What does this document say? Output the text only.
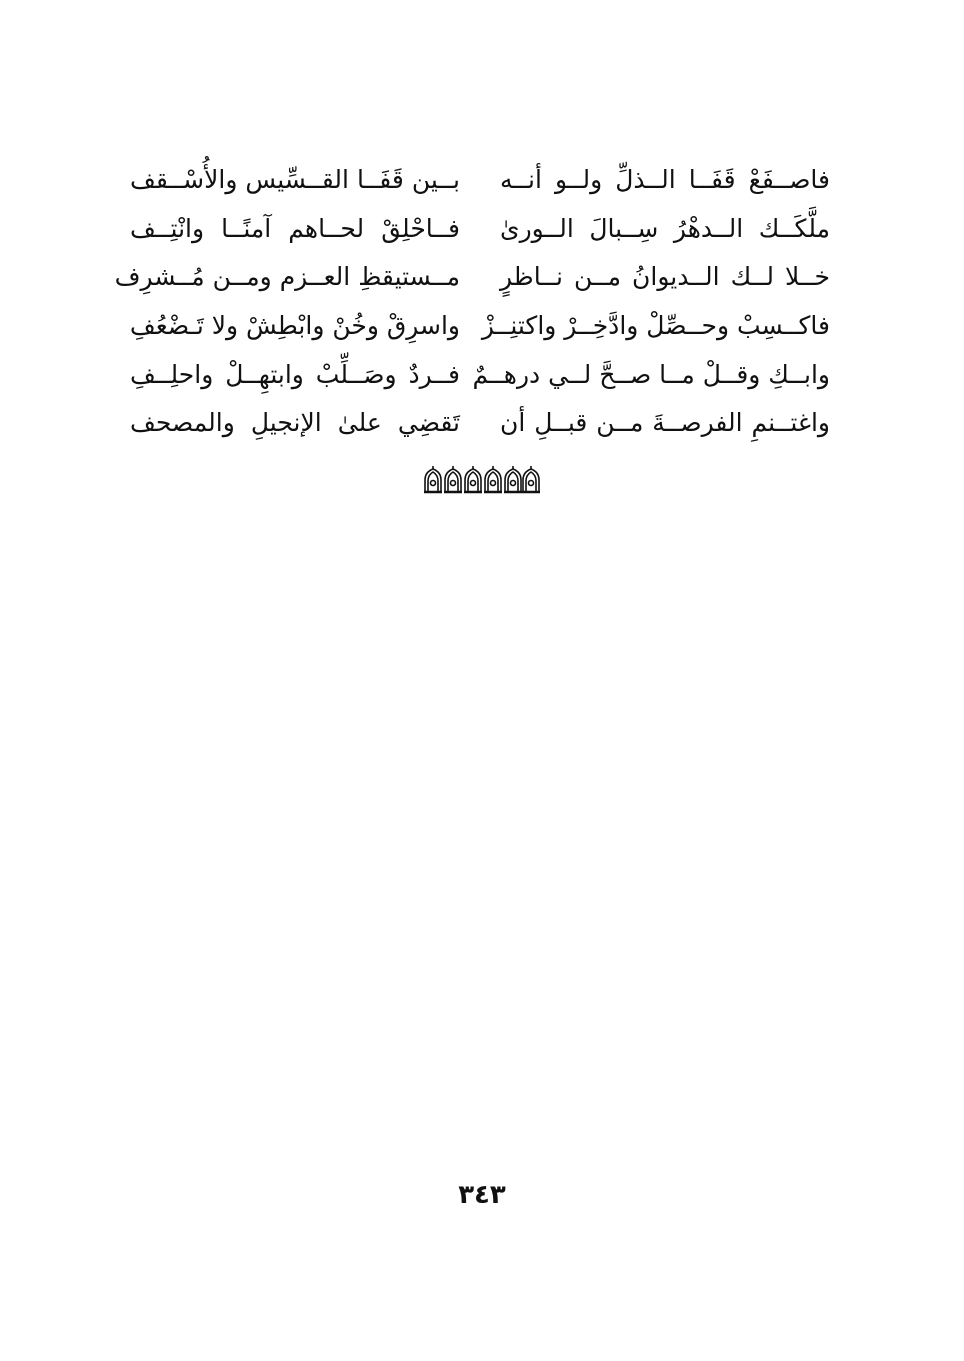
فاصــفَعْ قَفَــا الــذلِّ ولــو أنــه
بــين قَفَــا القــسِّيس والأُسْــقف
ملَّكَــك الــدهْرُ سِــبالَ الــورىٰ
فــاحْلِقْ لحــاهم آمنًــا وانْتِــف
خــلا لــك الــديوانُ مــن نــاظرٍ
مــستيقظِ العــزم ومــن مُــشرِف
فاكــسِبْ وحــصِّلْ وادَّخِــرْ واكتنِــزْ
واسرِقْ وخُنْ وابْطِشْ ولا تَـضْعُفِ
وابــكِ وقــلْ مــا صــحَّ لــي درهــمٌ
فــردٌ وصَــلِّبْ وابتهِــلْ واحلِــفِ
واغتــنمِ الفرصــةَ مــن قبــلِ أن
تَقضِي علىٰ الإنجيلِ والمصحف
٣٤٣
